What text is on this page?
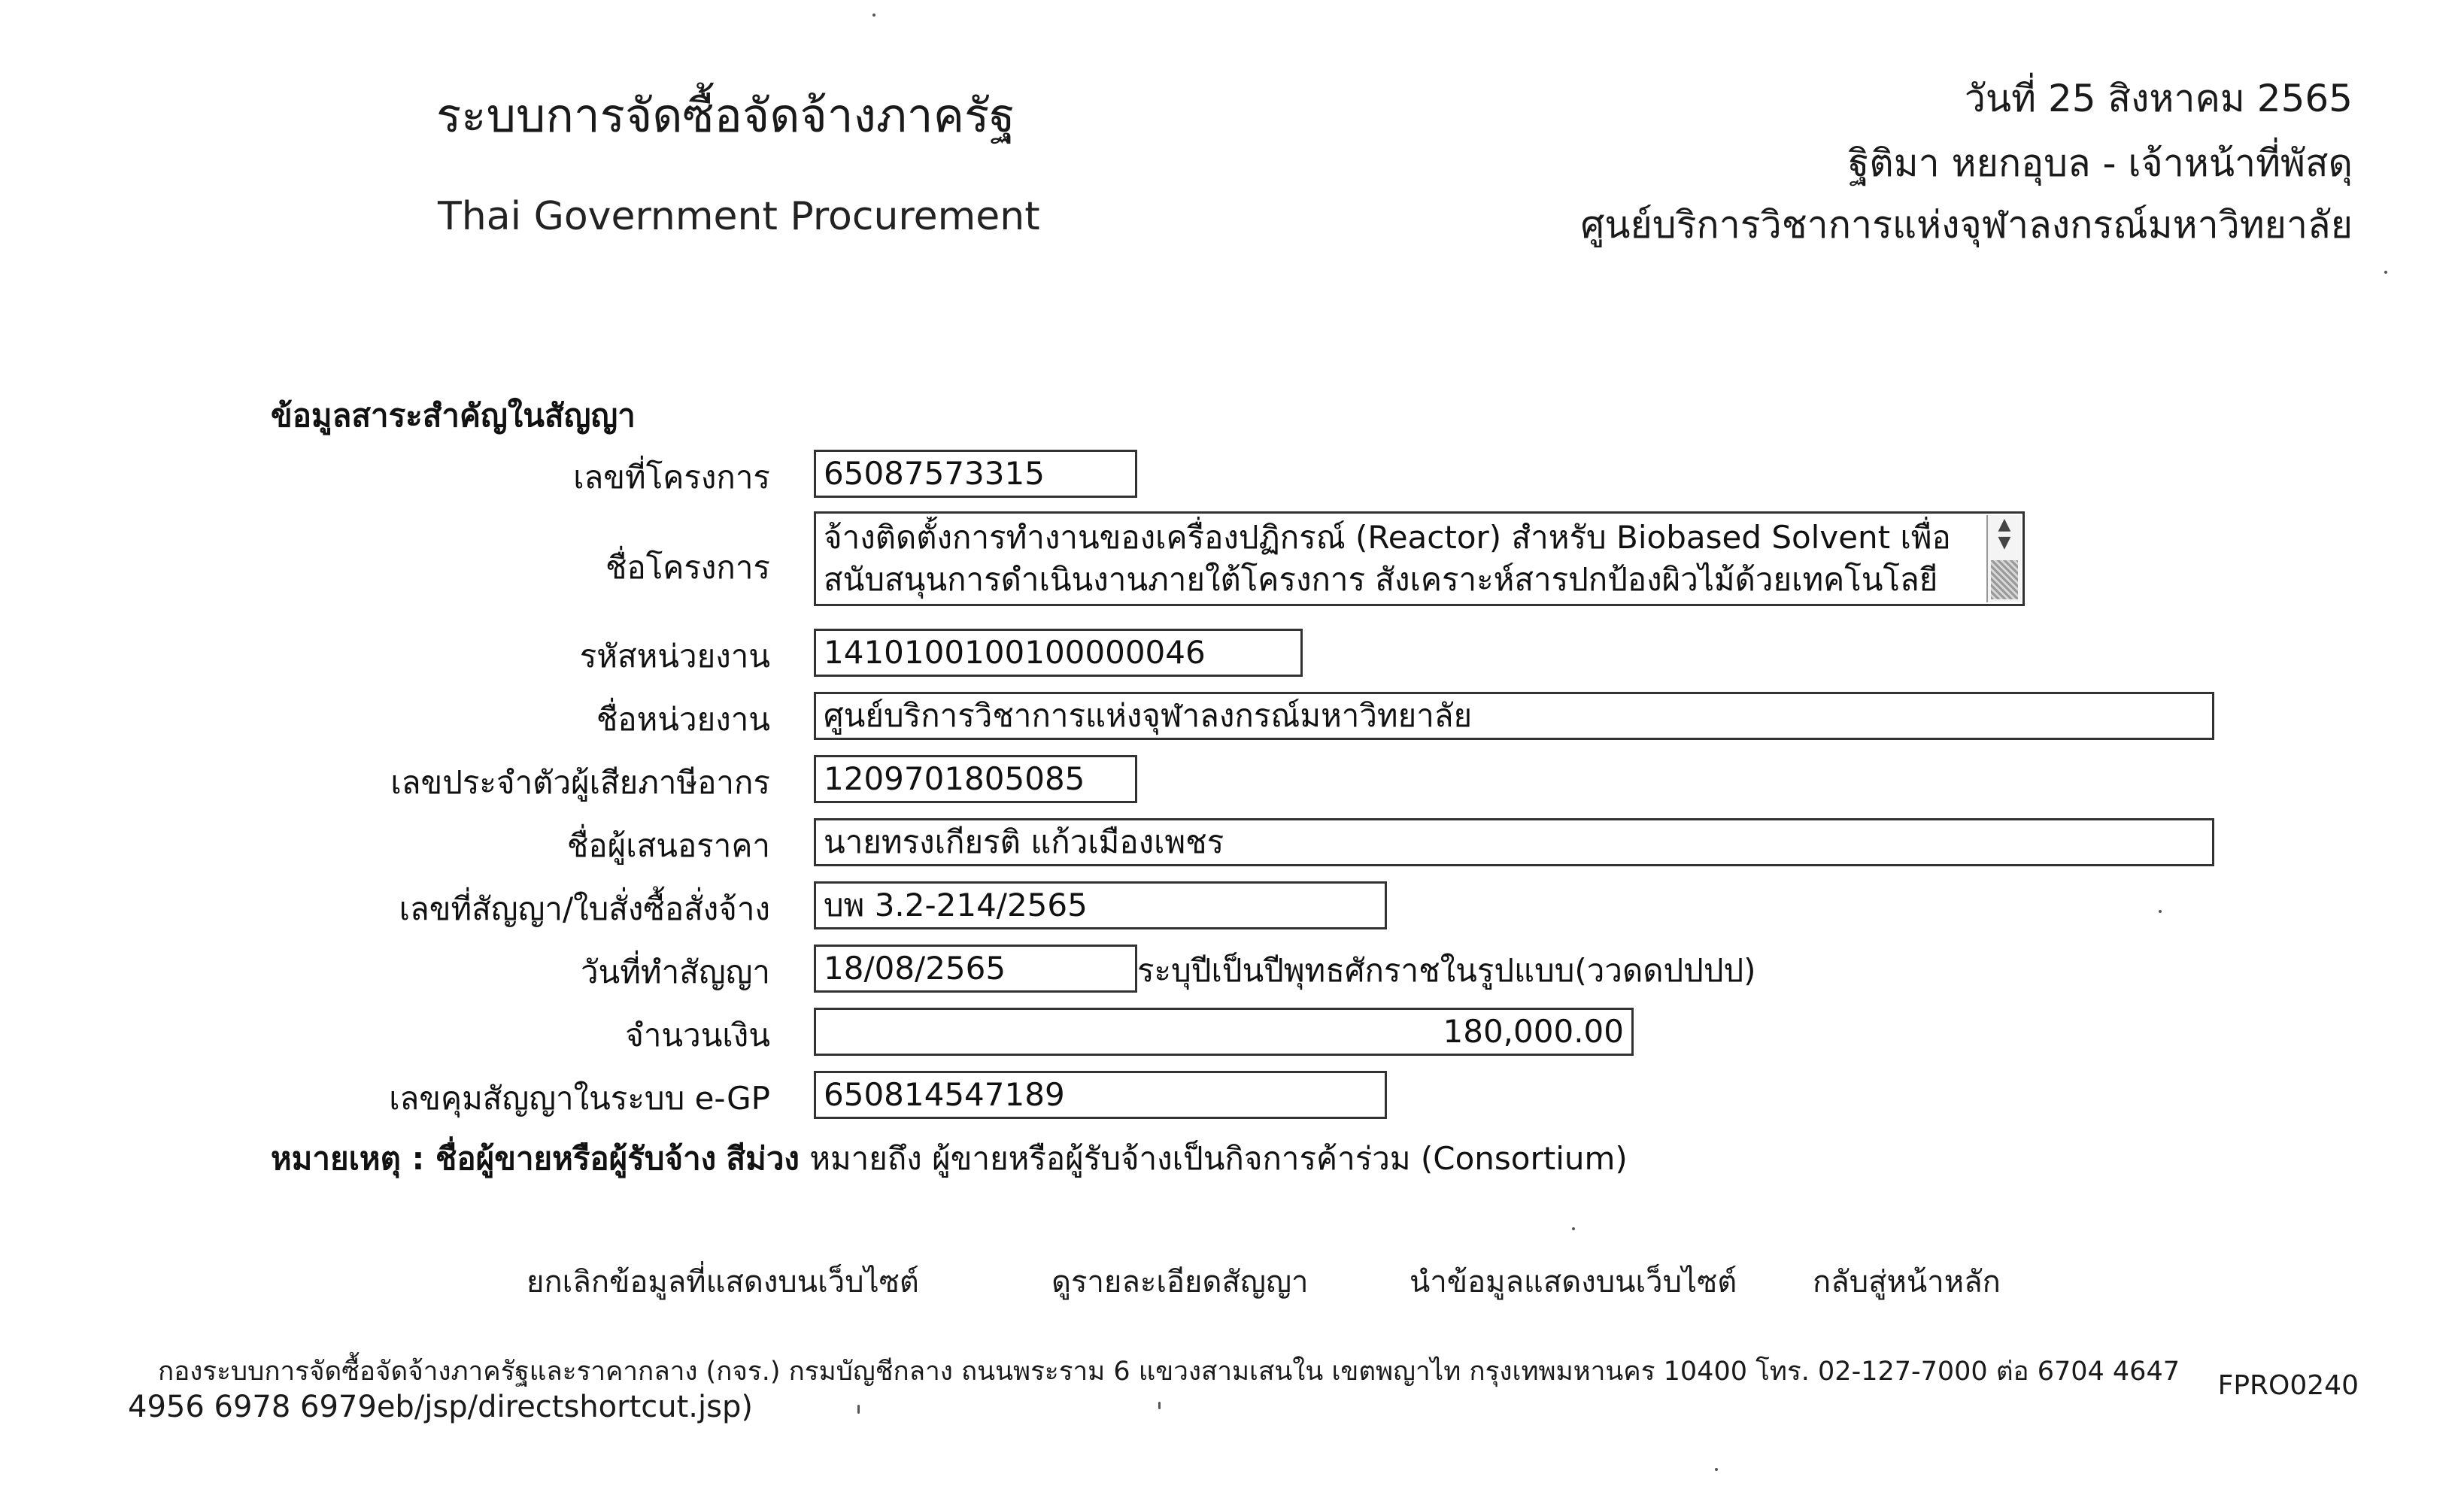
ระบบการจัดซื้อจัดจ้างภาครัฐ
Thai Government Procurement
วันที่ 25 สิงหาคม 2565
ฐิติมา หยกอุบล - เจ้าหน้าที่พัสดุ
ศูนย์บริการวิชาการแห่งจุฬาลงกรณ์มหาวิทยาลัย
ข้อมูลสาระสำคัญในสัญญา
เลขที่โครงการ	65087573315
ชื่อโครงการ
จ้างติดตั้งการทำงานของเครื่องปฏิกรณ์ (Reactor) สำหรับ Biobased Solvent เพื่อ
สนับสนุนการดำเนินงานภายใต้โครงการ สังเคราะห์สารปกป้องผิวไม้ด้วยเทคโนโลยี
▲
▼
รหัสหน่วยงาน	1410100100100000046
ชื่อหน่วยงาน	ศูนย์บริการวิชาการแห่งจุฬาลงกรณ์มหาวิทยาลัย
เลขประจำตัวผู้เสียภาษีอากร	1209701805085
ชื่อผู้เสนอราคา	นายทรงเกียรติ แก้วเมืองเพชร
เลขที่สัญญา/ใบสั่งซื้อสั่งจ้าง	บพ 3.2-214/2565
วันที่ทำสัญญา	18/08/2565	ระบุปีเป็นปีพุทธศักราชในรูปแบบ(ววดดปปปป)
จำนวนเงิน	180,000.00
เลขคุมสัญญาในระบบ e-GP	650814547189
หมายเหตุ : ชื่อผู้ขายหรือผู้รับจ้าง สีม่วง หมายถึง ผู้ขายหรือผู้รับจ้างเป็นกิจการค้าร่วม (Consortium)
ยกเลิกข้อมูลที่แสดงบนเว็บไซต์	ดูรายละเอียดสัญญา	นำข้อมูลแสดงบนเว็บไซต์	กลับสู่หน้าหลัก
กองระบบการจัดซื้อจัดจ้างภาครัฐและราคากลาง (กจร.) กรมบัญชีกลาง ถนนพระราม 6 แขวงสามเสนใน เขตพญาไท กรุงเทพมหานคร 10400 โทร. 02-127-7000 ต่อ 6704 4647 FPRO0240
4956 6978 6979eb/jsp/directshortcut.jsp)
